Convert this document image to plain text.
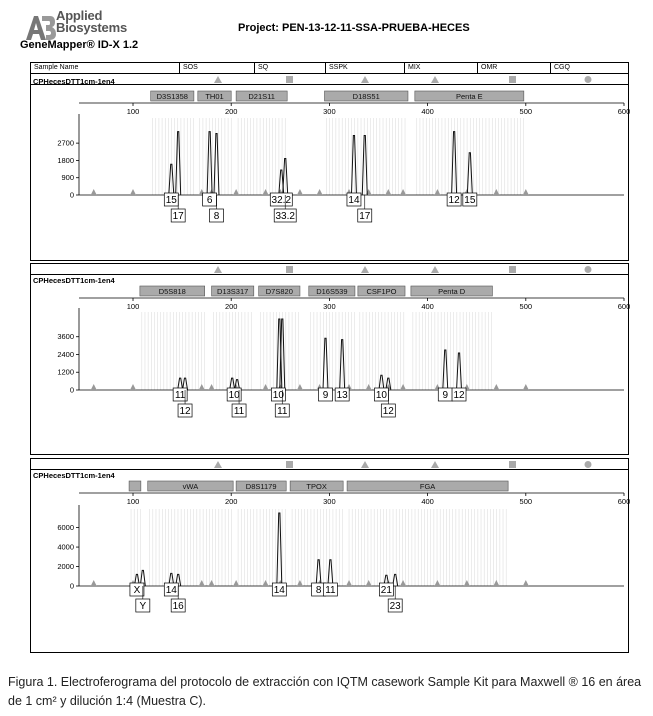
Applied
Biosystems
GeneMapper® ID-X 1.2
Project: PEN-13-12-11-SSA-PRUEBA-HECES
Sample Name	SOS	SQ	SSPK	MIX	OMR	CGQ
CPHecesDTT1cm-1en4
D3S1358 TH01	D21S11	D18S51	Penta E
100	200	300	400	500	600
0
900
1800
2700
15
17
6
8
32.2
33.2
14
17
12 15
CPHecesDTT1cm-1en4
D5S818	D13S317 D7S820	D16S539	CSF1PO	Penta D
100	200	300	400	500	600
0
1200
2400
3600
11
12
10
11
10
11
9 13	10
12
9 12
CPHecesDTT1cm-1en4
vWA	D8S1179	TPOX	FGA
100	200	300	400	500	600
0
2000
4000
6000
X
Y
14
16
14	8 11	21
23
Figura 1. Electroferograma del protocolo de extracción con IQTM casework Sample Kit para Maxwell ® 16 en área de 1 cm² y dilución 1:4 (Muestra C).
